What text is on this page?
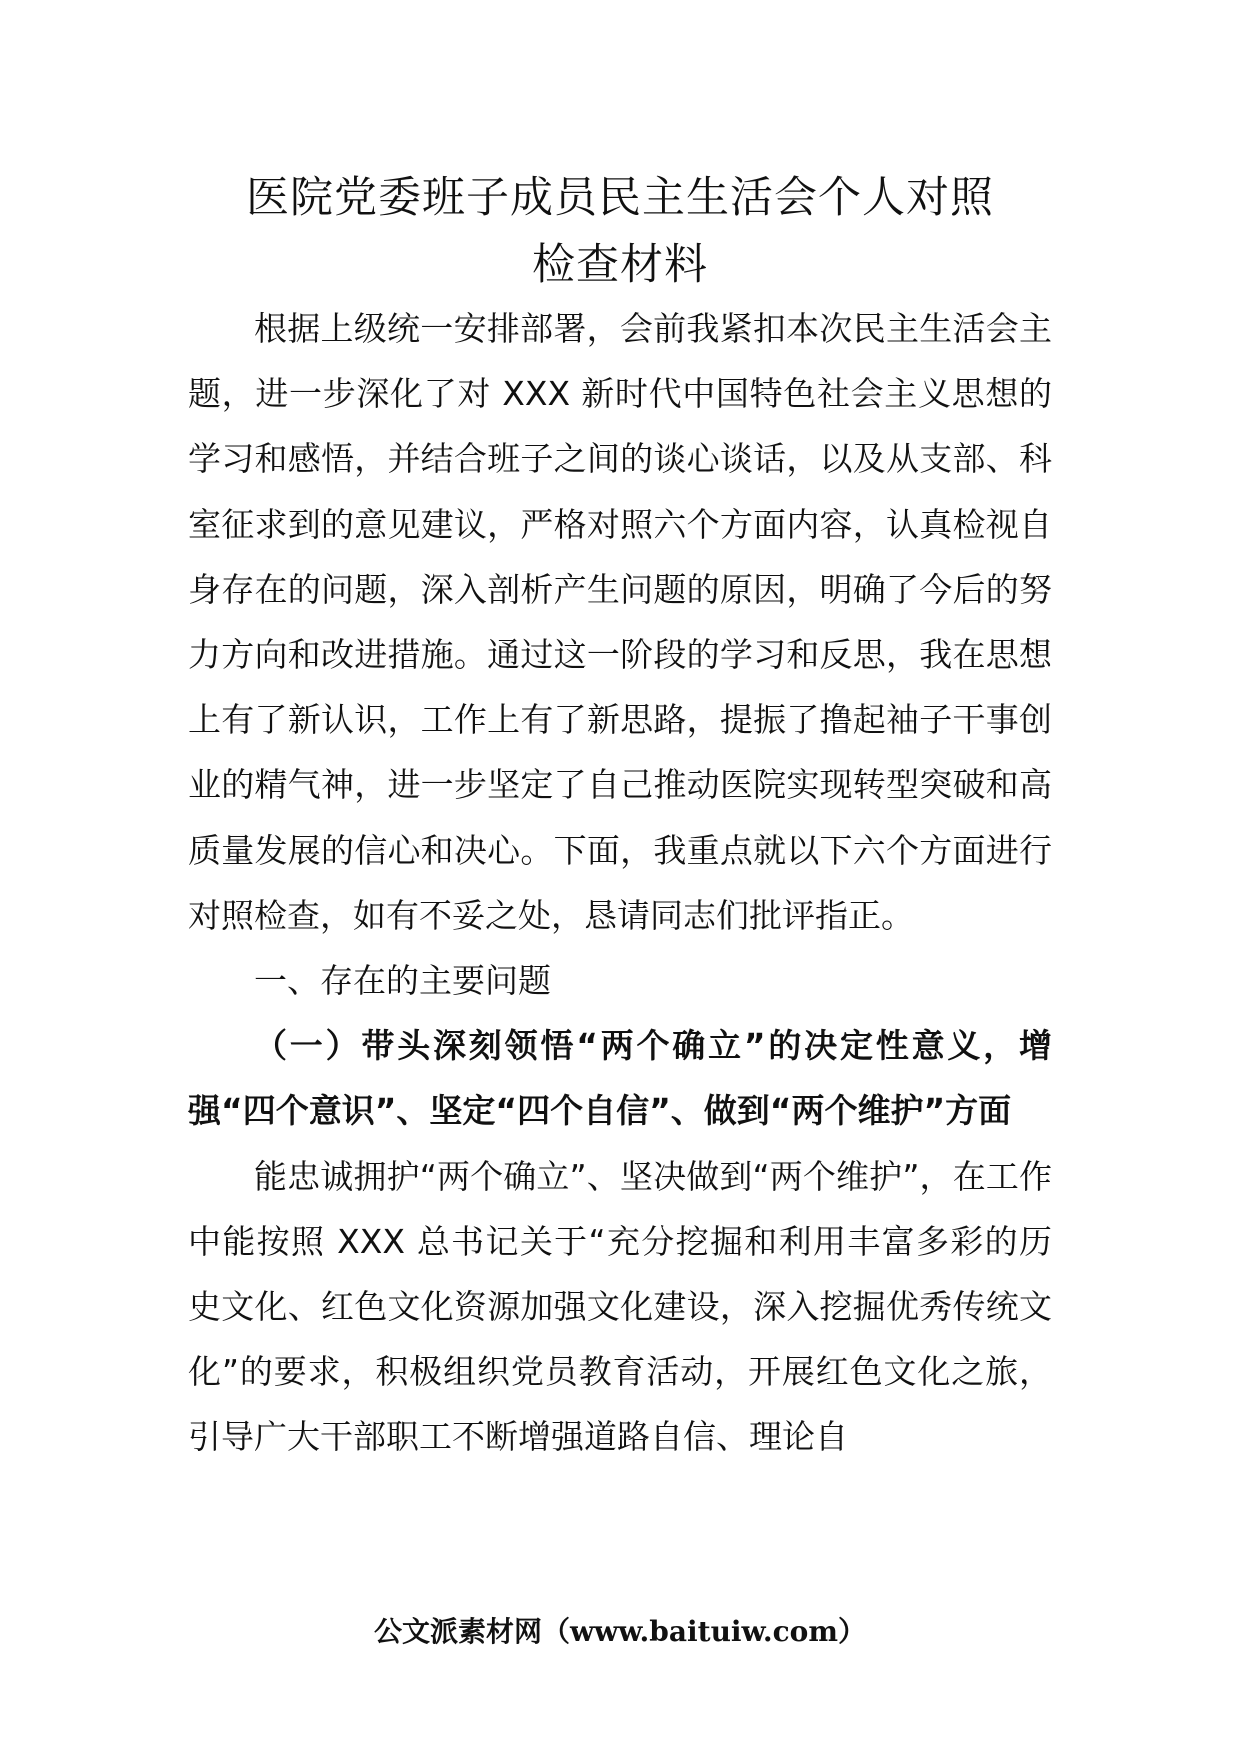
医院党委班子成员民主生活会个人对照
检查材料

根据上级统一安排部署，会前我紧扣本次民主生活会主题，进一步深化了对 XXX 新时代中国特色社会主义思想的学习和感悟，并结合班子之间的谈心谈话，以及从支部、科室征求到的意见建议，严格对照六个方面内容，认真检视自身存在的问题，深入剖析产生问题的原因，明确了今后的努力方向和改进措施。通过这一阶段的学习和反思，我在思想上有了新认识，工作上有了新思路，提振了撸起袖子干事创业的精气神，进一步坚定了自己推动医院实现转型突破和高质量发展的信心和决心。下面，我重点就以下六个方面进行对照检查，如有不妥之处，恳请同志们批评指正。

一、存在的主要问题

（一）带头深刻领悟“两个确立”的决定性意义，增强“四个意识”、坚定“四个自信”、做到“两个维护”方面

能忠诚拥护“两个确立”、坚决做到“两个维护”，在工作中能按照 XXX 总书记关于“充分挖掘和利用丰富多彩的历史文化、红色文化资源加强文化建设，深入挖掘优秀传统文化”的要求，积极组织党员教育活动，开展红色文化之旅，引导广大干部职工不断增强道路自信、理论自

公文派素材网（www.baituiw.com）
